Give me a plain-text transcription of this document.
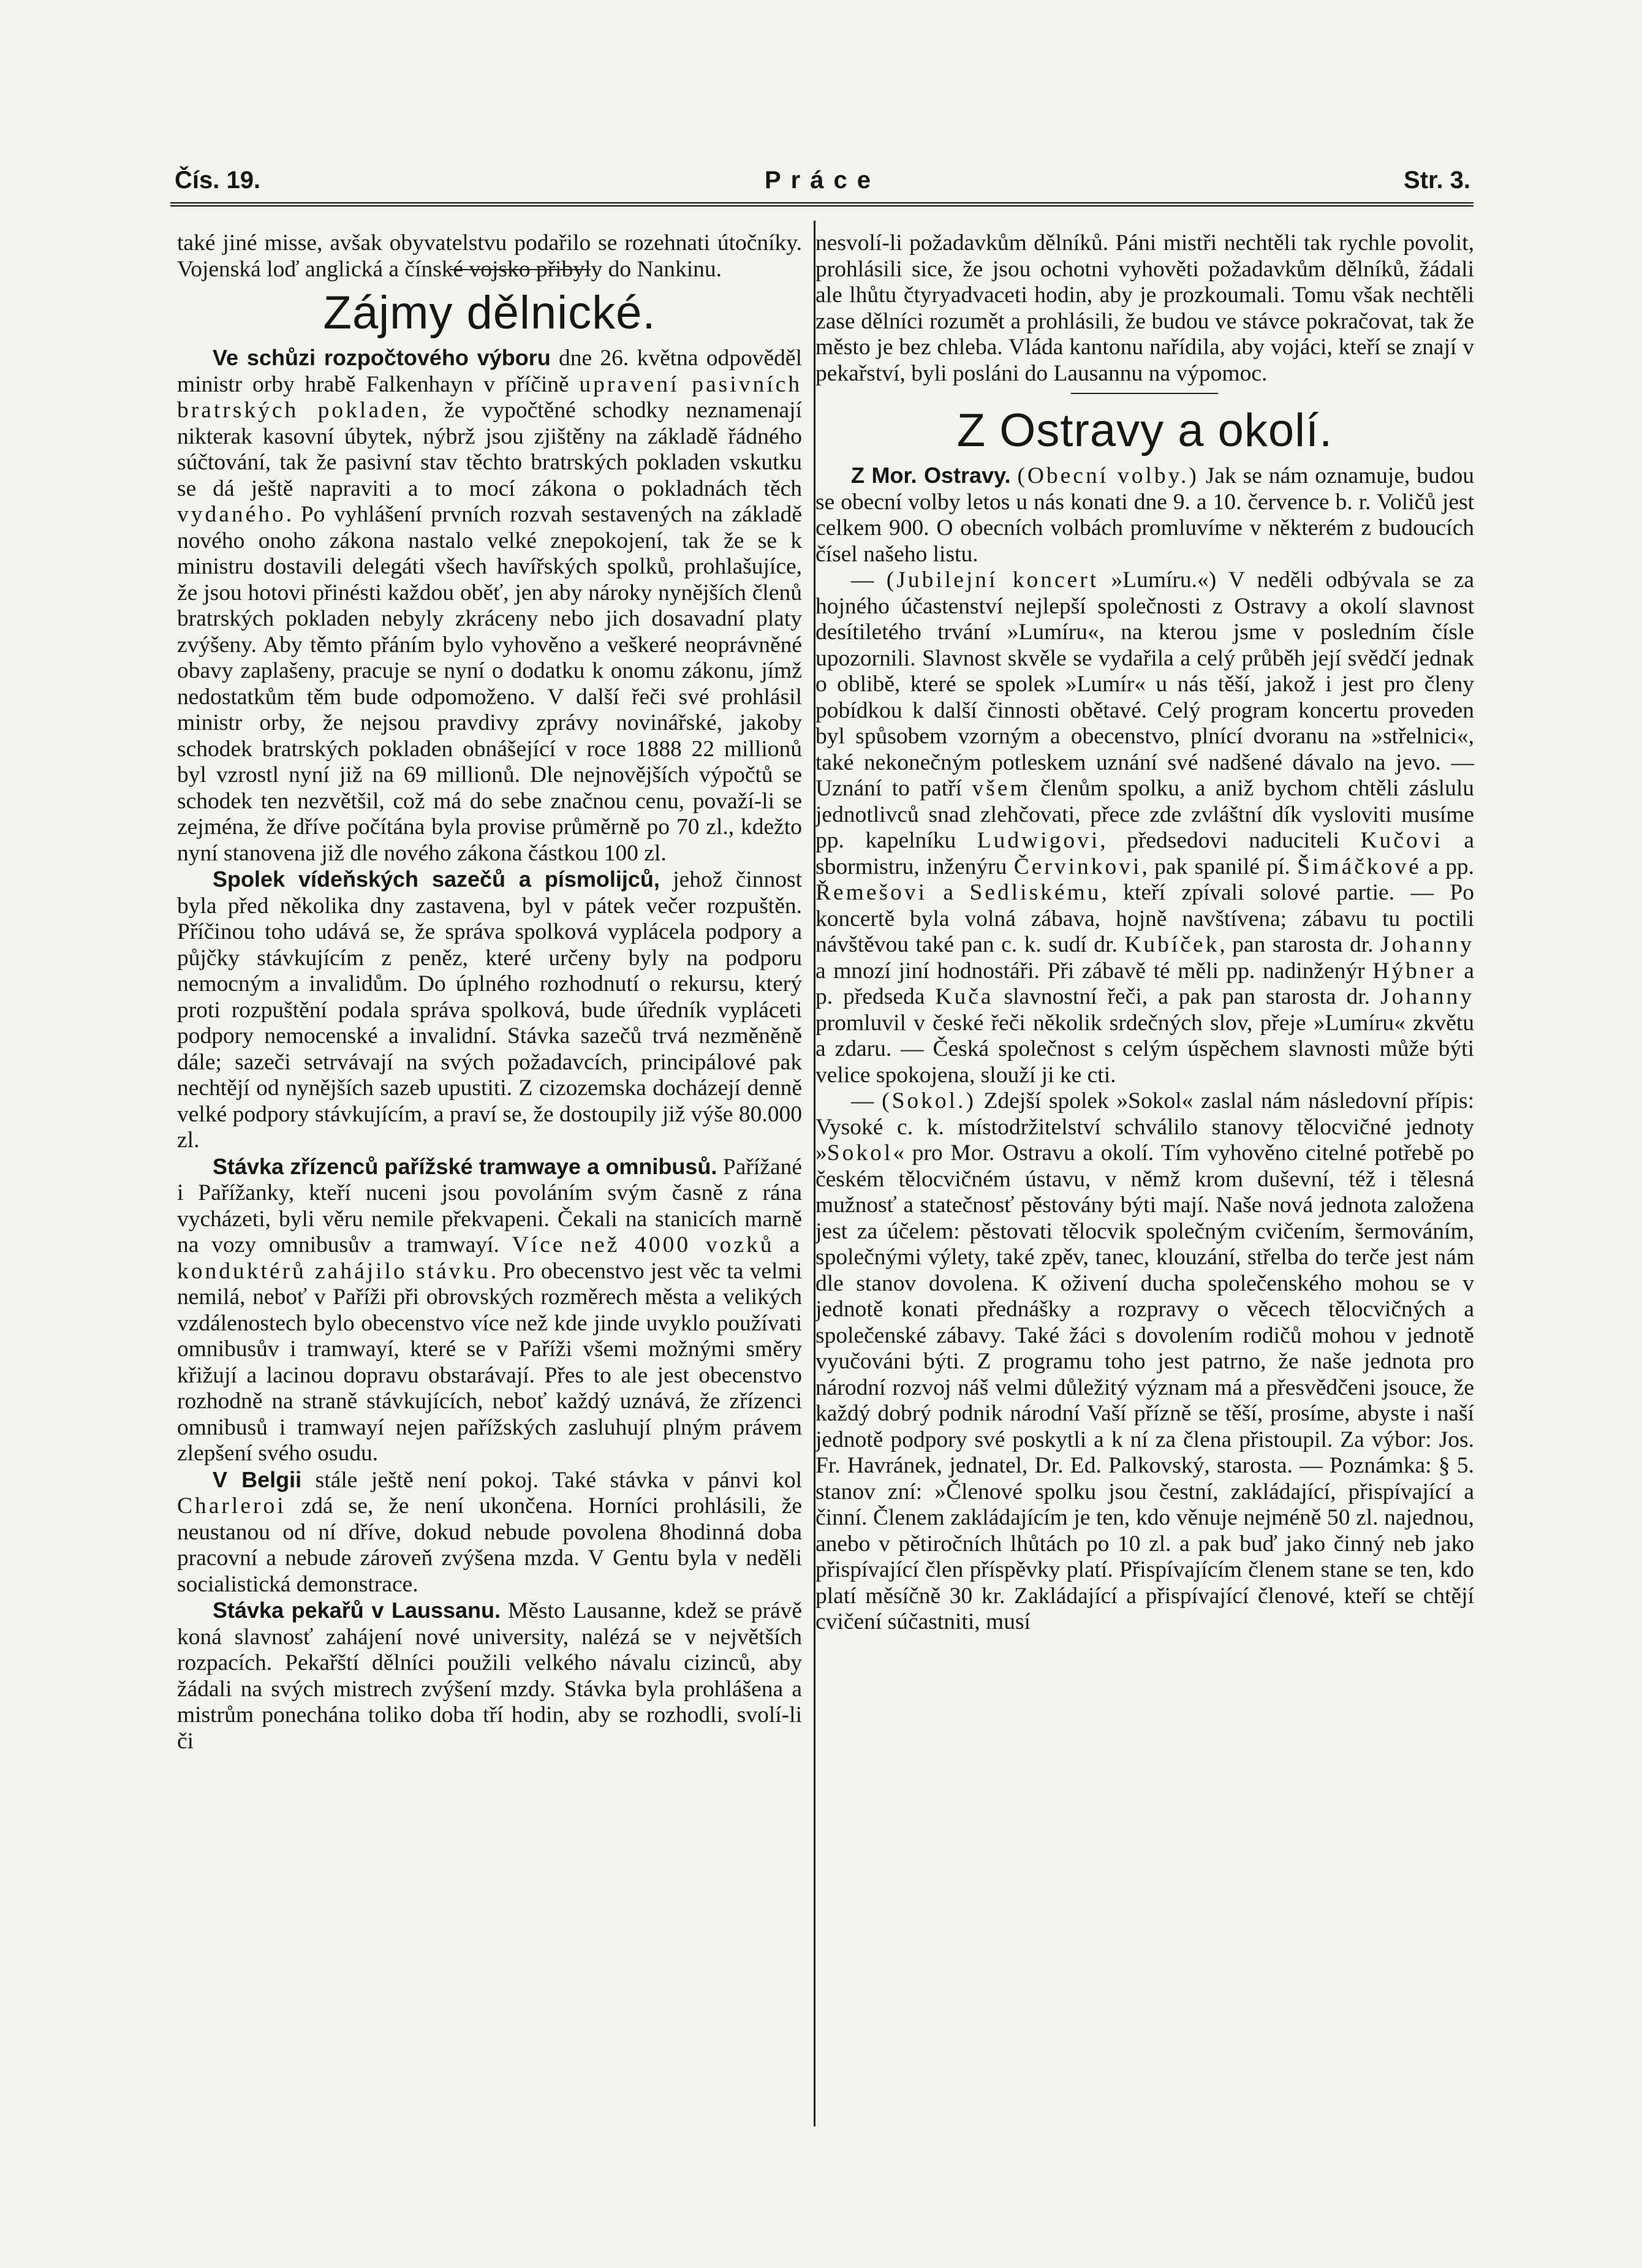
Čís. 19.	Práce	Str. 3.

také jiné misse, avšak obyvatelstvu podařilo se rozehnati útočníky. Vojenská loď anglická a čínské vojsko přibyly do Nankinu.

Zájmy dělnické.

Ve schůzi rozpočtového výboru dne 26. května odpověděl ministr orby hrabě Falkenhayn v příčině upravení pasivních bratrských pokladen, že vypočtěné schodky neznamenají nikterak kasovní úbytek, nýbrž jsou zjištěny na základě řádného súčtování, tak že pasivní stav těchto bratrských pokladen vskutku se dá ještě napraviti a to mocí zákona o pokladnách těch vydaného. Po vyhlášení prvních rozvah sestavených na základě nového onoho zákona nastalo velké znepokojení, tak že se k ministru dostavili delegáti všech havířských spolků, prohlašujíce, že jsou hotovi přinésti každou oběť, jen aby nároky nynějších členů bratrských pokladen nebyly zkráceny nebo jich dosavadní platy zvýšeny. Aby těmto přáním bylo vyhověno a veškeré neoprávněné obavy zaplašeny, pracuje se nyní o dodatku k onomu zákonu, jímž nedostatkům těm bude odpomoženo. V další řeči své prohlásil ministr orby, že nejsou pravdivy zprávy novinářské, jakoby schodek bratrských pokladen obnášející v roce 1888 22 millionů byl vzrostl nyní již na 69 millionů. Dle nejnovějších výpočtů se schodek ten nezvětšil, což má do sebe značnou cenu, považí-li se zejména, že dříve počítána byla provise průměrně po 70 zl., kdežto nyní stanovena již dle nového zákona částkou 100 zl.

Spolek vídeňských sazečů a písmolijců, jehož činnost byla před několika dny zastavena, byl v pátek večer rozpuštěn. Příčinou toho udává se, že správa spolková vyplácela podpory a půjčky stávkujícím z peněz, které určeny byly na podporu nemocným a invalidům. Do úplného rozhodnutí o rekursu, který proti rozpuštění podala správa spolková, bude úředník vypláceti podpory nemocenské a invalidní. Stávka sazečů trvá nezměněně dále; sazeči setrvávají na svých požadavcích, principálové pak nechtějí od nynějších sazeb upustiti. Z cizozemska docházejí denně velké podpory stávkujícím, a praví se, že dostoupily již výše 80.000 zl.

Stávka zřízenců pařížské tramwaye a omnibusů. Pařížané i Pařížanky, kteří nuceni jsou povoláním svým časně z rána vycházeti, byli věru nemile překvapeni. Čekali na stanicích marně na vozy omnibusův a tramwayí. Více než 4000 vozků a konduktérů zahájilo stávku. Pro obecenstvo jest věc ta velmi nemilá, neboť v Paříži při obrovských rozměrech města a velikých vzdálenostech bylo obecenstvo více než kde jinde uvyklo používati omnibusův i tramwayí, které se v Paříži všemi možnými směry křižují a lacinou dopravu obstarávají. Přes to ale jest obecenstvo rozhodně na straně stávkujících, neboť každý uznává, že zřízenci omnibusů i tramwayí nejen pařížských zasluhují plným právem zlepšení svého osudu.

V Belgii stále ještě není pokoj. Také stávka v pánvi kol Charleroi zdá se, že není ukončena. Horníci prohlásili, že neustanou od ní dříve, dokud nebude povolena 8hodinná doba pracovní a nebude zároveň zvýšena mzda. V Gentu byla v neděli socialistická demonstrace.

Stávka pekařů v Laussanu. Město Lausanne, kdež se právě koná slavnosť zahájení nové university, nalézá se v největších rozpacích. Pekařští dělníci použili velkého návalu cizinců, aby žádali na svých mistrech zvýšení mzdy. Stávka byla prohlášena a mistrům ponechána toliko doba tří hodin, aby se rozhodli, svolí-li či

nesvolí-li požadavkům dělníků. Páni mistři nechtěli tak rychle povolit, prohlásili sice, že jsou ochotni vyhověti požadavkům dělníků, žádali ale lhůtu čtyryadvaceti hodin, aby je prozkoumali. Tomu však nechtěli zase dělníci rozumět a prohlásili, že budou ve stávce pokračovat, tak že město je bez chleba. Vláda kantonu nařídila, aby vojáci, kteří se znají v pekařství, byli posláni do Lausannu na výpomoc.

Z Ostravy a okolí.

Z Mor. Ostravy. (Obecní volby.) Jak se nám oznamuje, budou se obecní volby letos u nás konati dne 9. a 10. července b. r. Voličů jest celkem 900. O obecních volbách promluvíme v některém z budoucích čísel našeho listu.

— (Jubilejní koncert »Lumíru.«) V neděli odbývala se za hojného účastenství nejlepší společnosti z Ostravy a okolí slavnost desítiletého trvání »Lumíru«, na kterou jsme v posledním čísle upozornili. Slavnost skvěle se vydařila a celý průběh její svědčí jednak o oblibě, které se spolek »Lumír« u nás těší, jakož i jest pro členy pobídkou k další činnosti obětavé. Celý program koncertu proveden byl spůsobem vzorným a obecenstvo, plnící dvoranu na »střelnici«, také nekonečným potleskem uznání své nadšené dávalo na jevo. — Uznání to patří všem členům spolku, a aniž bychom chtěli záslulu jednotlivců snad zlehčovati, přece zde zvláštní dík vysloviti musíme pp. kapelníku Ludwigovi, předsedovi naduciteli Kučovi a sbormistru, inženýru Červinkovi, pak spanilé pí. Šimáčkové a pp. Řemešovi a Sedliskému, kteří zpívali solové partie. — Po koncertě byla volná zábava, hojně navštívena; zábavu tu poctili návštěvou také pan c. k. sudí dr. Kubíček, pan starosta dr. Johanny a mnozí jiní hodnostáři. Při zábavě té měli pp. nadinženýr Hýbner a p. předseda Kuča slavnostní řeči, a pak pan starosta dr. Johanny promluvil v české řeči několik srdečných slov, přeje »Lumíru« zkvětu a zdaru. — Česká společnost s celým úspěchem slavnosti může býti velice spokojena, slouží ji ke cti.

— (Sokol.) Zdejší spolek »Sokol« zaslal nám následovní přípis: Vysoké c. k. místodržitelství schválilo stanovy tělocvičné jednoty »Sokol« pro Mor. Ostravu a okolí. Tím vyhověno citelné potřebě po českém tělocvičném ústavu, v němž krom duševní, též i tělesná mužnosť a statečnosť pěstovány býti mají. Naše nová jednota založena jest za účelem: pěstovati tělocvik společným cvičením, šermováním, společnými výlety, také zpěv, tanec, klouzání, střelba do terče jest nám dle stanov dovolena. K oživení ducha společenského mohou se v jednotě konati přednášky a rozpravy o věcech tělocvičných a společenské zábavy. Také žáci s dovolením rodičů mohou v jednotě vyučováni býti. Z programu toho jest patrno, že naše jednota pro národní rozvoj náš velmi důležitý význam má a přesvědčeni jsouce, že každý dobrý podnik národní Vaší přízně se těší, prosíme, abyste i naší jednotě podpory své poskytli a k ní za člena přistoupil. Za výbor: Jos. Fr. Havránek, jednatel, Dr. Ed. Palkovský, starosta. — Poznámka: § 5. stanov zní: »Členové spolku jsou čestní, zakládající, přispívající a činní. Členem zakládajícím je ten, kdo věnuje nejméně 50 zl. najednou, anebo v pětiročních lhůtách po 10 zl. a pak buď jako činný neb jako přispívající člen příspěvky platí. Přispívajícím členem stane se ten, kdo platí měsíčně 30 kr. Zakládající a přispívající členové, kteří se chtějí cvičení súčastniti, musí
